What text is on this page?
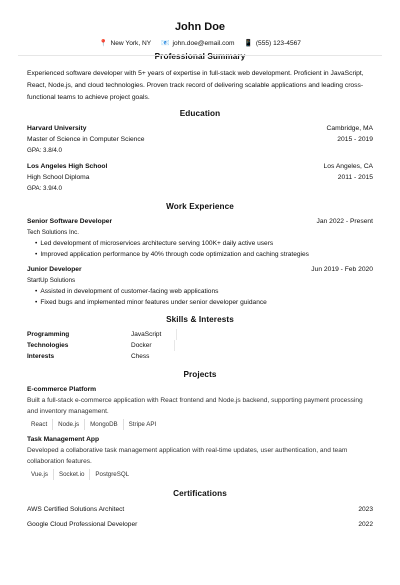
John Doe
📍 New York, NY 📧 john.doe@email.com 📱 (555) 123-4567
Professional Summary
Experienced software developer with 5+ years of expertise in full-stack web development. Proficient in JavaScript, React, Node.js, and cloud technologies. Proven track record of delivering scalable applications and leading cross-functional teams to achieve project goals.
Education
Harvard University	Cambridge, MA
Master of Science in Computer Science	2015 - 2019
GPA: 3.8/4.0
Los Angeles High School	Los Angeles, CA
High School Diploma	2011 - 2015
GPA: 3.9/4.0
Work Experience
Senior Software Developer	Jan 2022 - Present
Tech Solutions Inc.
• Led development of microservices architecture serving 100K+ daily active users
• Improved application performance by 40% through code optimization and caching strategies
Junior Developer	Jun 2019 - Feb 2020
StartUp Solutions
• Assisted in development of customer-facing web applications
• Fixed bugs and implemented minor features under senior developer guidance
Skills & Interests
Programming	JavaScript
Technologies	Docker
Interests	Chess
Projects
E-commerce Platform
Built a full-stack e-commerce application with React frontend and Node.js backend, supporting payment processing and inventory management.
React	Node.js	MongoDB	Stripe API
Task Management App
Developed a collaborative task management application with real-time updates, user authentication, and team collaboration features.
Vue.js	Socket.io	PostgreSQL
Certifications
AWS Certified Solutions Architect	2023
Google Cloud Professional Developer	2022
